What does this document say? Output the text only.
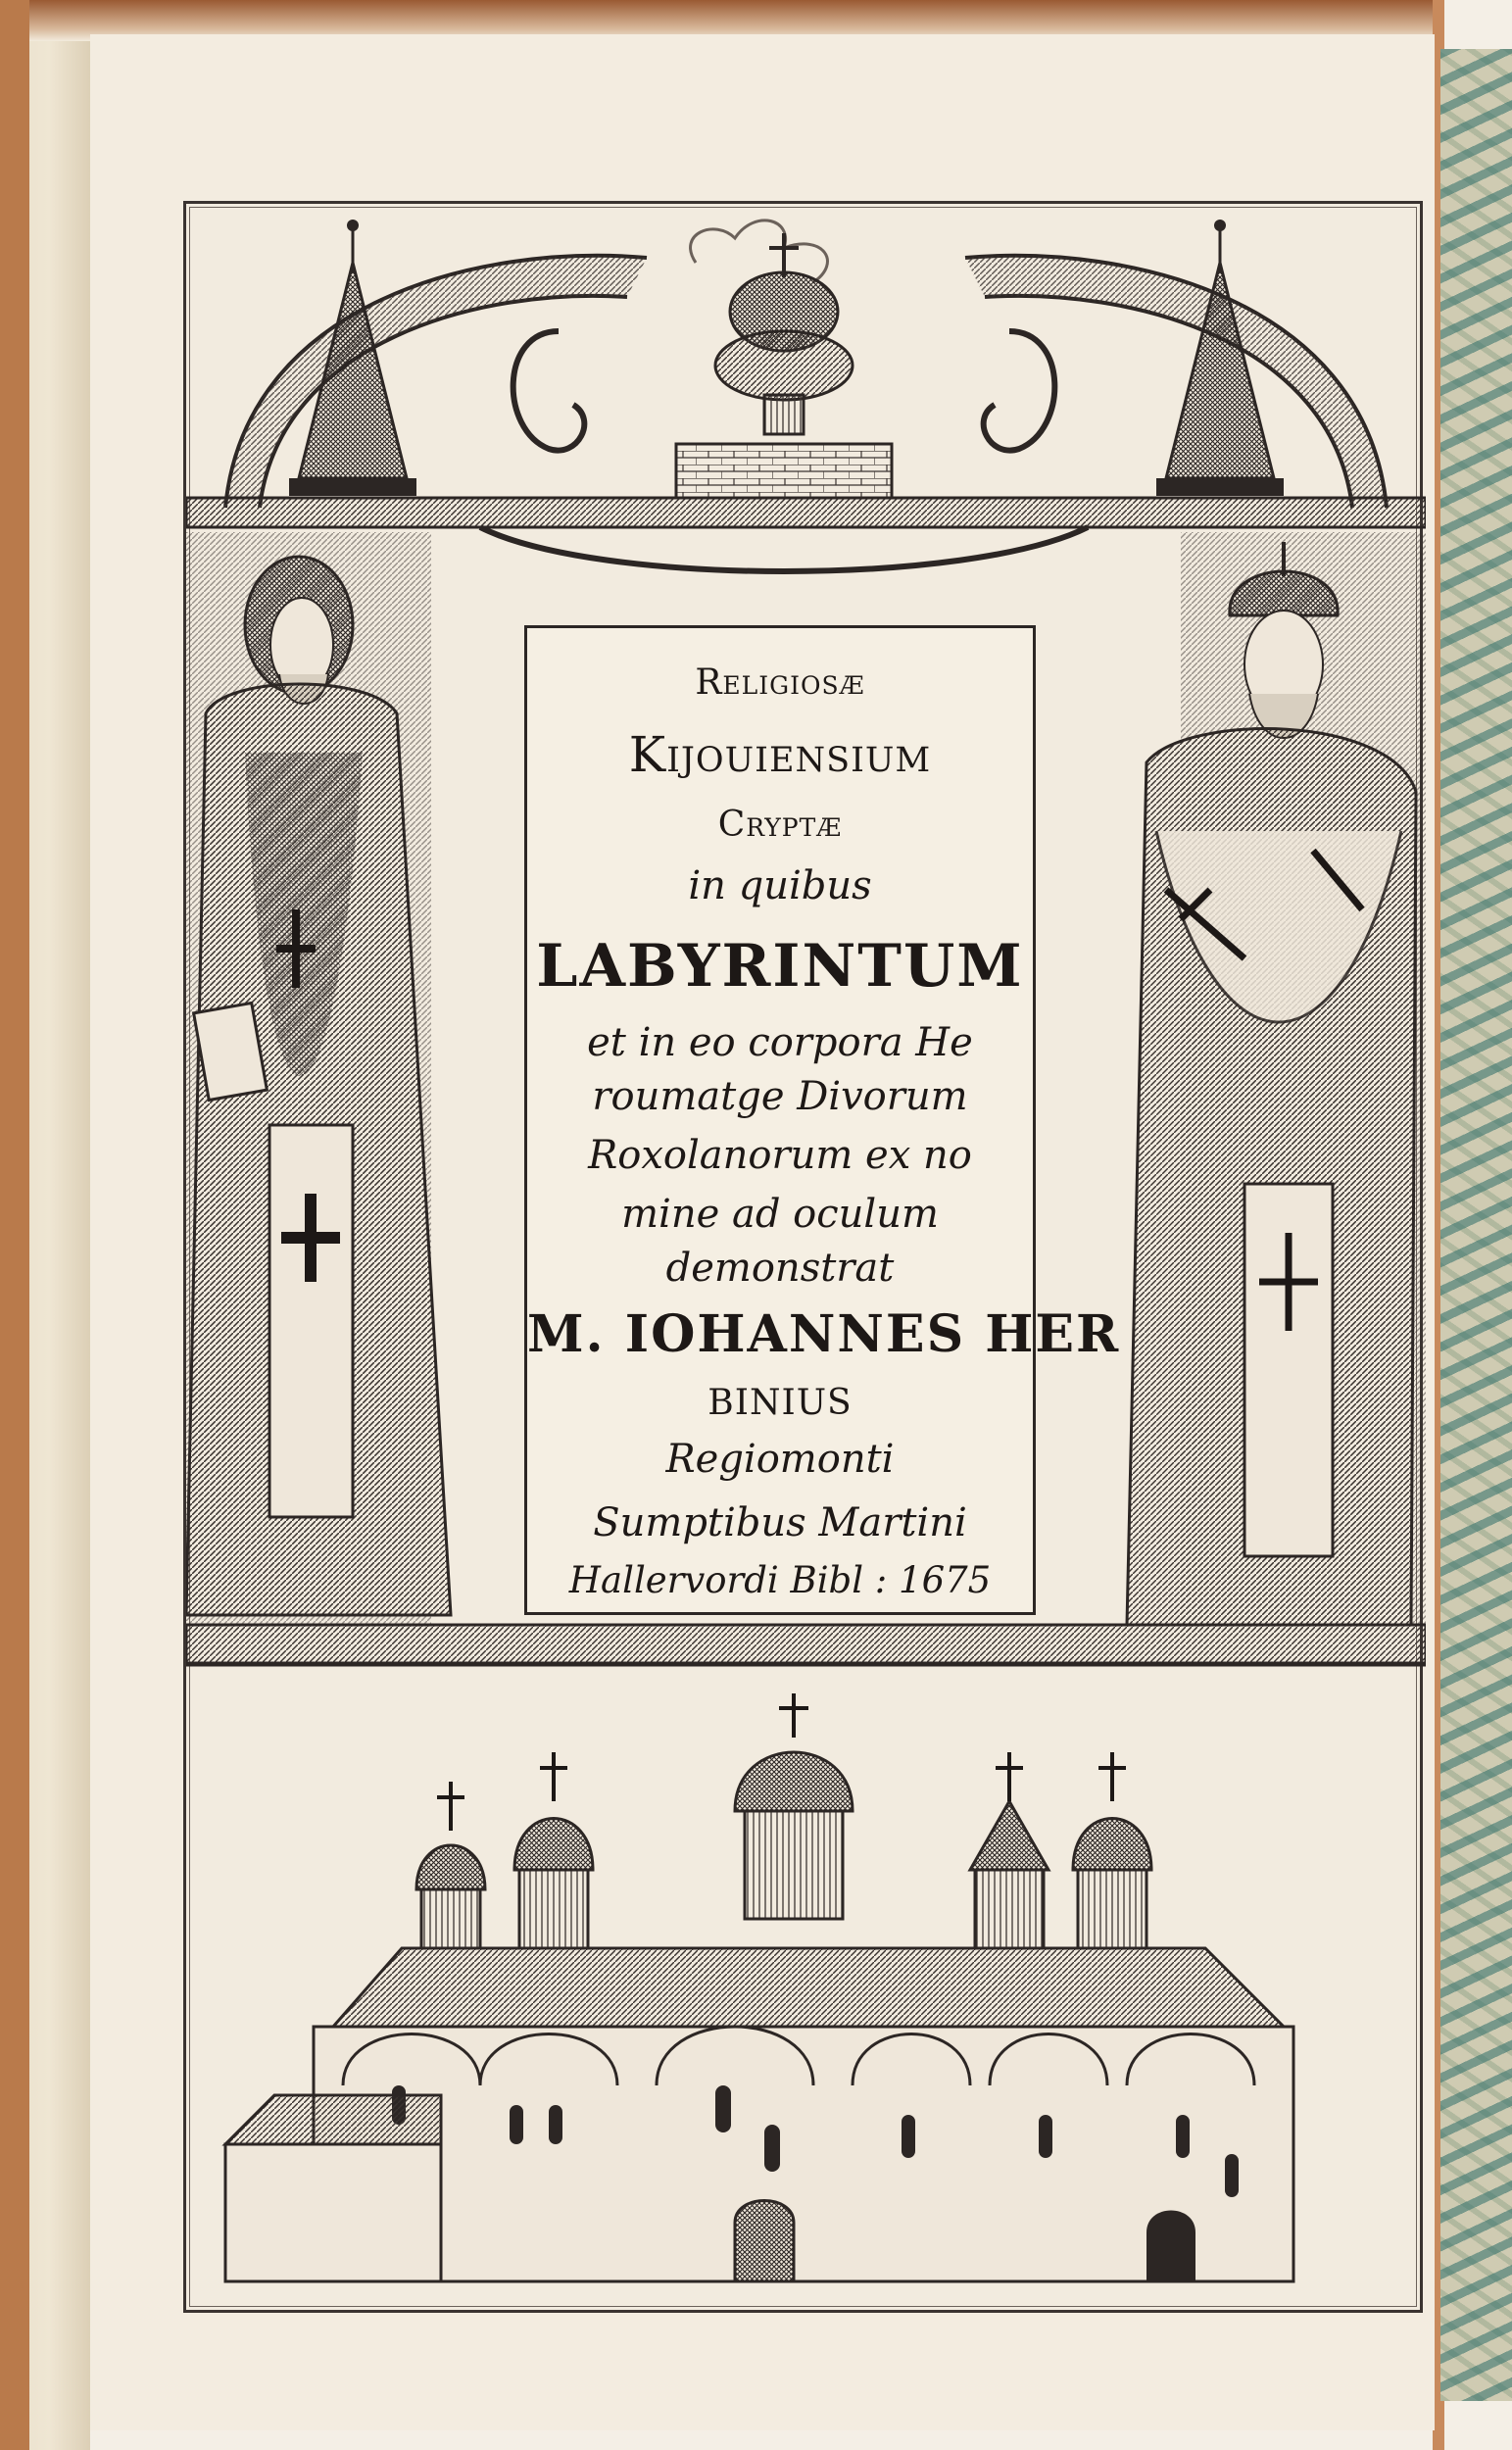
Religiosæ
Kijouiensium
Cryptæ
in quibus
LABYRINTUM
et in eo corpora He
roumatge Divorum
Roxolanorum ex no
mine ad oculum
demonstrat
M. IOHANNES HER
BINIUS
Regiomonti
Sumptibus Martini
Hallervordi Bibl : 1675
